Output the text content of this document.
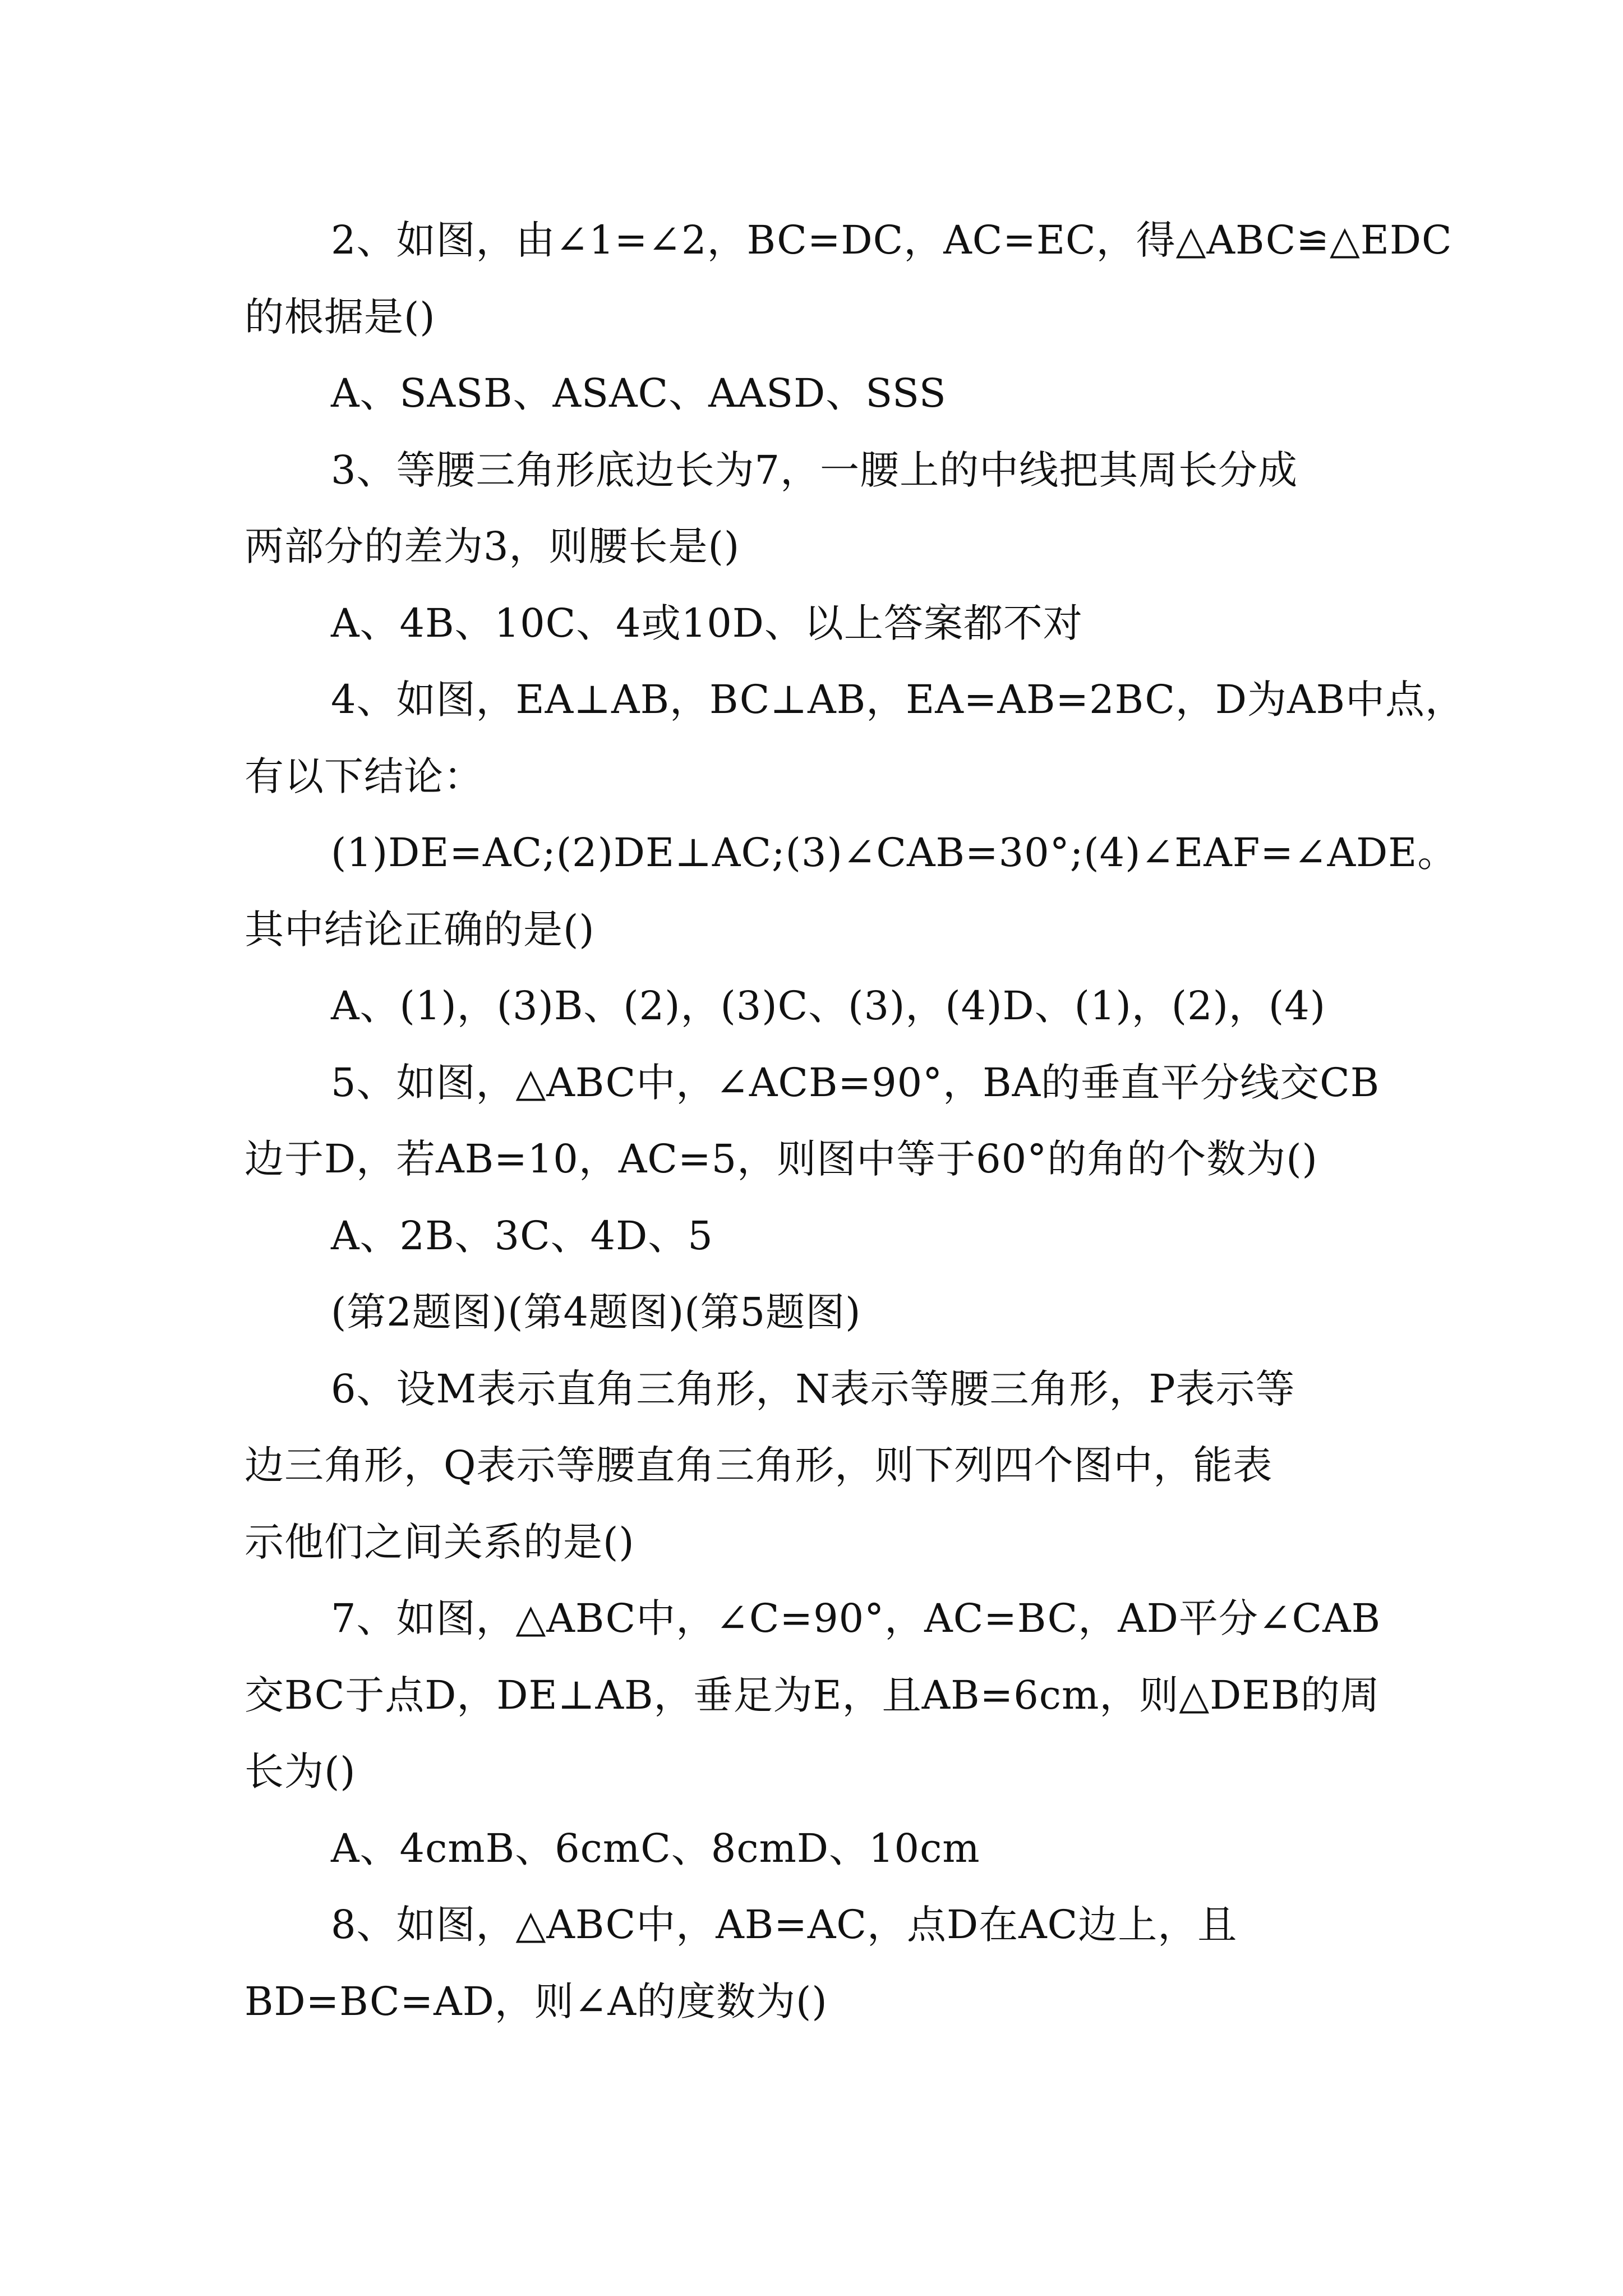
2、如图，由∠1=∠2，BC=DC，AC=EC，得△ABC≌△EDC
的根据是()
A、SASB、ASAC、AASD、SSS
3、等腰三角形底边长为7，一腰上的中线把其周长分成
两部分的差为3，则腰长是()
A、4B、10C、4或10D、以上答案都不对
4、如图，EA⊥AB，BC⊥AB，EA=AB=2BC，D为AB中点，
有以下结论：
(1)DE=AC;(2)DE⊥AC;(3)∠CAB=30°;(4)∠EAF=∠ADE。
其中结论正确的是()
A、(1)，(3)B、(2)，(3)C、(3)，(4)D、(1)，(2)，(4)
5、如图，△ABC中，∠ACB=90°，BA的垂直平分线交CB
边于D，若AB=10，AC=5，则图中等于60°的角的个数为()
A、2B、3C、4D、5
(第2题图)(第4题图)(第5题图)
6、设M表示直角三角形，N表示等腰三角形，P表示等
边三角形，Q表示等腰直角三角形，则下列四个图中，能表
示他们之间关系的是()
7、如图，△ABC中，∠C=90°，AC=BC，AD平分∠CAB
交BC于点D，DE⊥AB，垂足为E，且AB=6cm，则△DEB的周
长为()
A、4cmB、6cmC、8cmD、10cm
8、如图，△ABC中，AB=AC，点D在AC边上，且
BD=BC=AD，则∠A的度数为()
